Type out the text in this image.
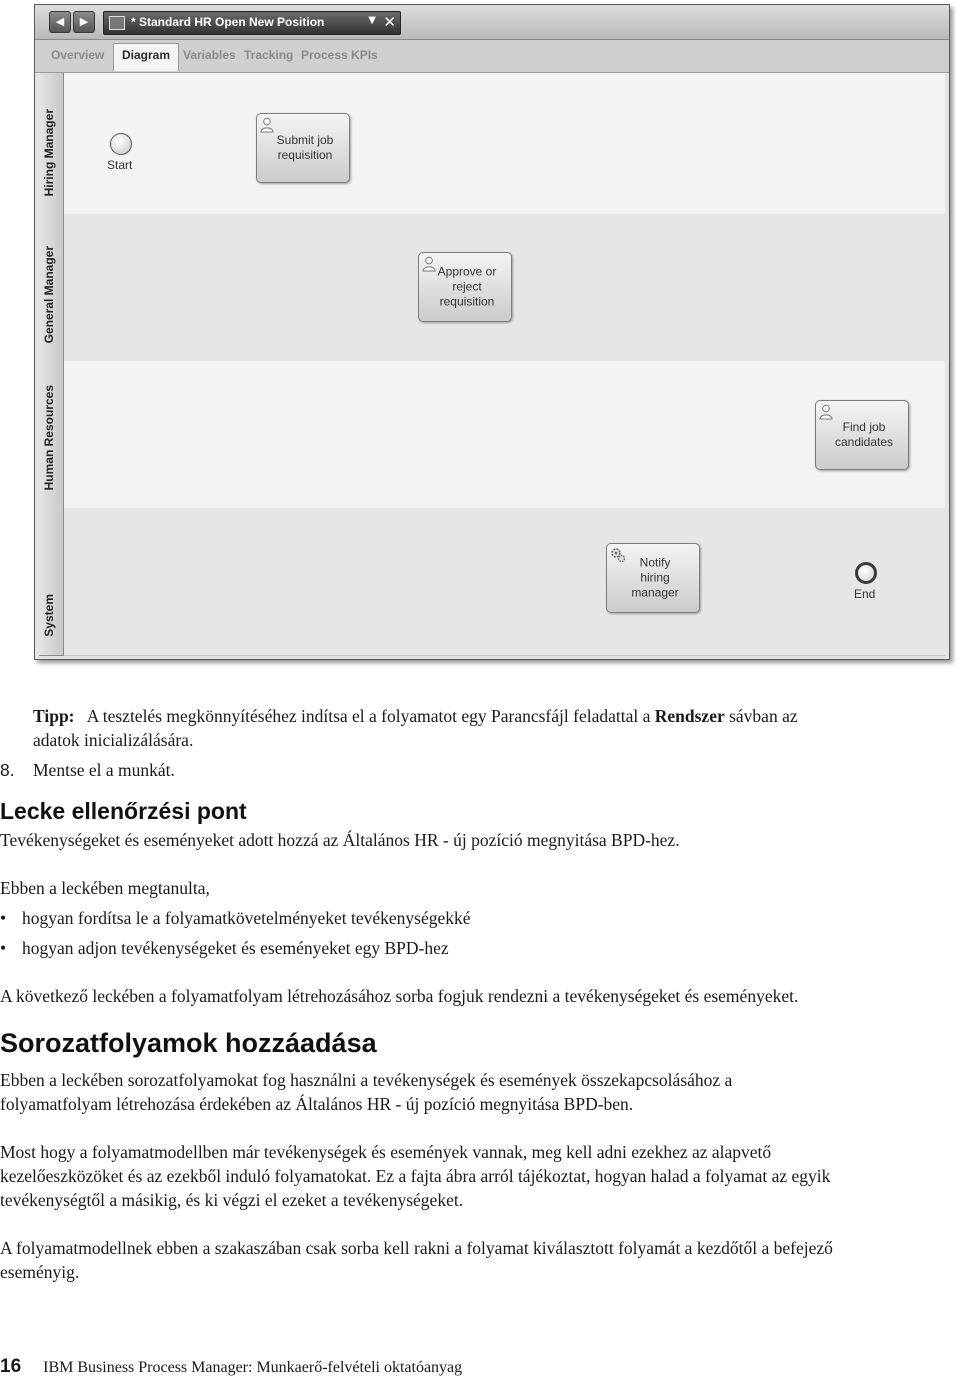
◀	▶	* Standard HR Open New Position	▼ ✕
Overview	Diagram	Variables Tracking Process KPIs
Hiring Manager
General Manager
Human Resources
System
Start
Submit job
requisition
Approve or
reject
requisition
Find job
candidates
Notify
hiring
manager	End
Tipp: A tesztelés megkönnyítéséhez indítsa el a folyamatot egy Parancsfájl feladattal a Rendszer sávban az
adatok inicializálására.
8. Mentse el a munkát.
Lecke ellenőrzési pont
Tevékenységeket és eseményeket adott hozzá az Általános HR - új pozíció megnyitása BPD-hez.
Ebben a leckében megtanulta,
• hogyan fordítsa le a folyamatkövetelményeket tevékenységekké
• hogyan adjon tevékenységeket és eseményeket egy BPD-hez
A következő leckében a folyamatfolyam létrehozásához sorba fogjuk rendezni a tevékenységeket és eseményeket.
Sorozatfolyamok hozzáadása
Ebben a leckében sorozatfolyamokat fog használni a tevékenységek és események összekapcsolásához a
folyamatfolyam létrehozása érdekében az Általános HR - új pozíció megnyitása BPD-ben.
Most hogy a folyamatmodellben már tevékenységek és események vannak, meg kell adni ezekhez az alapvető
kezelőeszközöket és az ezekből induló folyamatokat. Ez a fajta ábra arról tájékoztat, hogyan halad a folyamat az egyik
tevékenységtől a másikig, és ki végzi el ezeket a tevékenységeket.
A folyamatmodellnek ebben a szakaszában csak sorba kell rakni a folyamat kiválasztott folyamát a kezdőtől a befejező
eseményig.
16 IBM Business Process Manager: Munkaerő-felvételi oktatóanyag
